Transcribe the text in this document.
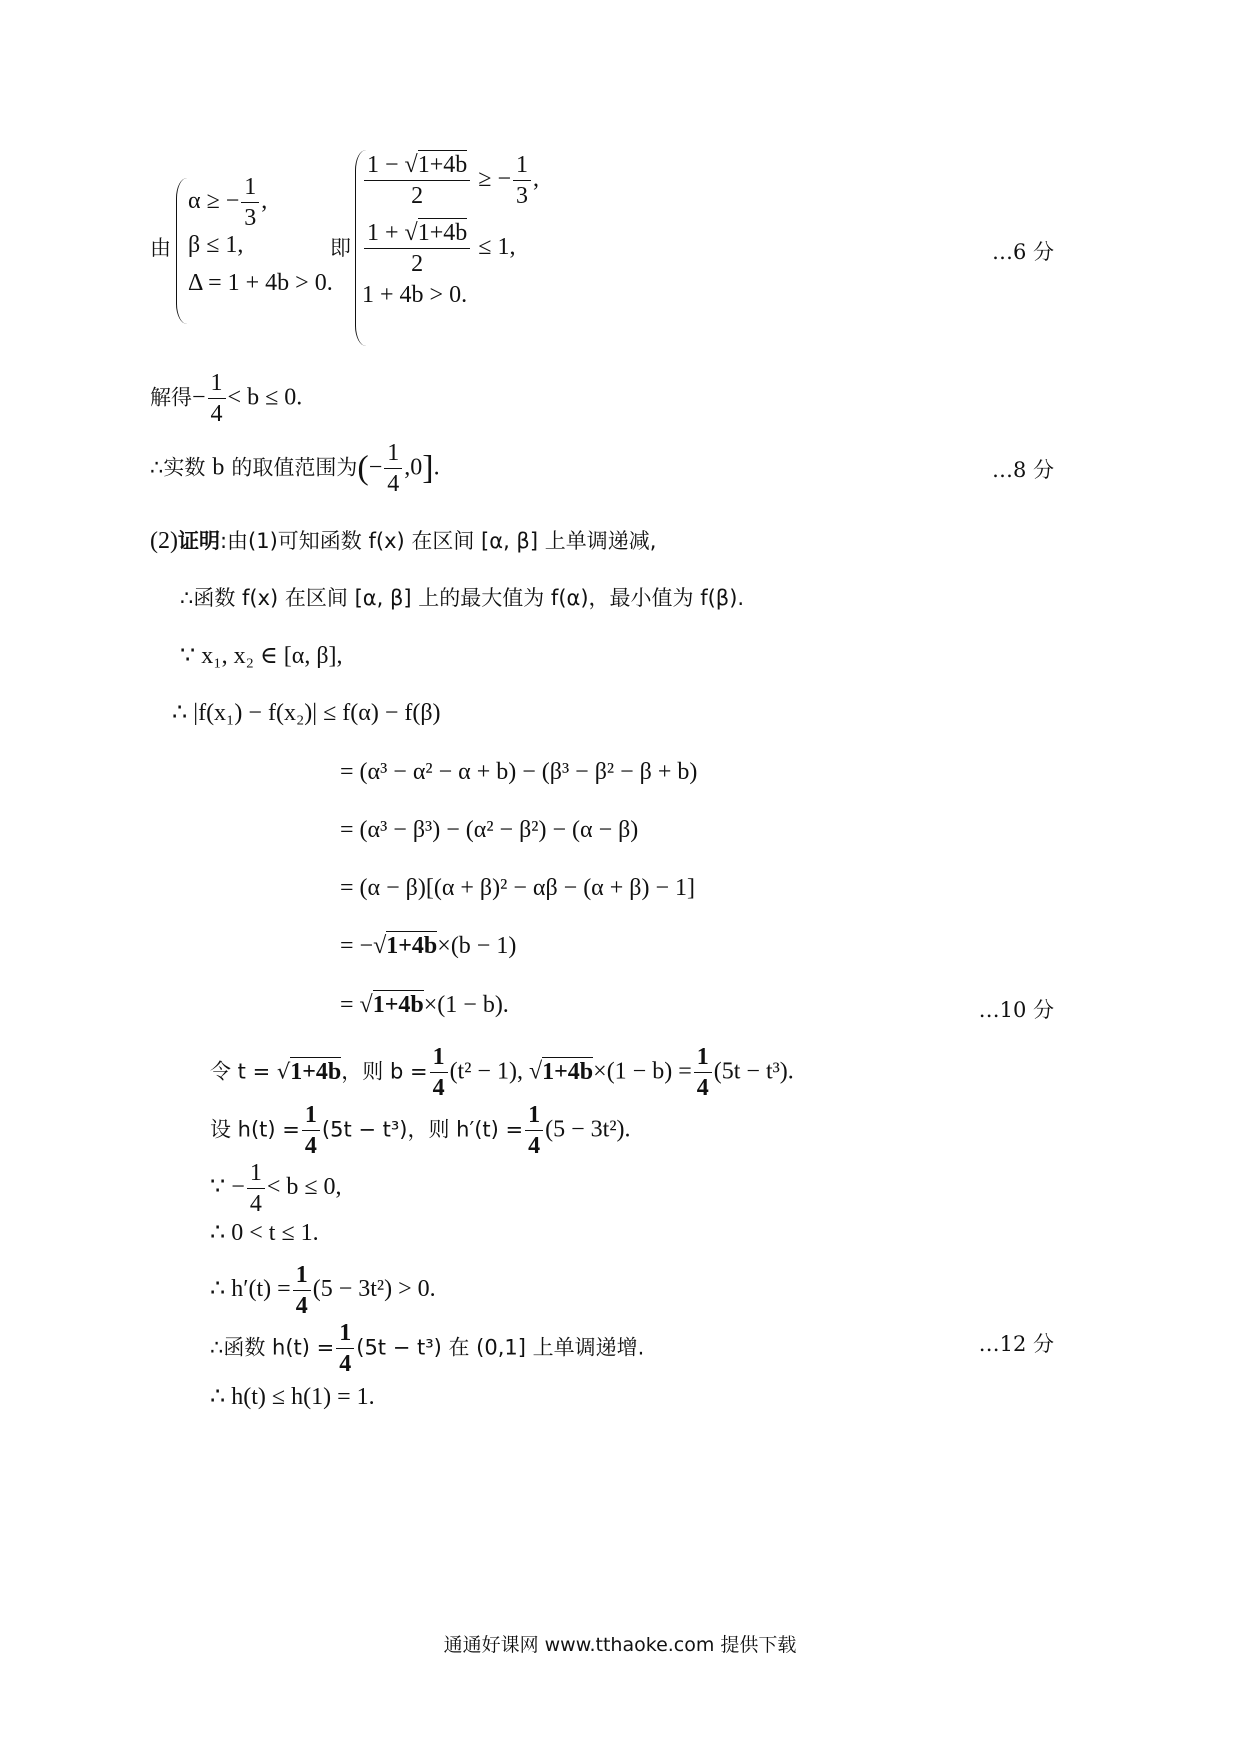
由
α ≥ − $\frac{1}{3}$ ,
β ≤ 1,
Δ = 1 + 4b > 0.
即
$\frac{1 - √1+4b}{2}$ ≥ − $\frac{1}{3}$ ,
$\frac{1 + √1+4b}{2} \le 1$,
1 + 4b > 0.
…6 分
解得− $\frac{1}{4} < b \le 0$.
∴实数 b 的取值范围为(− $\frac{1}{4} ,0$].	…8 分
(2)证明:由(1)可知函数 f(x) 在区间 [α, β] 上单调递减,
∴函数 f(x) 在区间 [α, β] 上的最大值为 f(α)，最小值为 f(β).
∵ x₁, x₂ ∈ [α, β],
∴ |f(x₁) − f(x₂)| ≤ f(α) − f(β)
= (α³ − α² − α + b) − (β³ − β² − β + b)
= (α³ − β³) − (α² − β²) − (α − β)
= (α − β)[(α + β)² − αβ − (α + β) − 1]
= −√1+4b×(b − 1)
= √1+4b×(1 − b).	…10 分
令 t = √1+4b，则 $b = \frac{1}{4} (t^2 - 1)$, $√1+4b\times(1 - b) = \frac{1}{4} (5t - t^3)$.
设 $h(t) = \frac{1}{4} (5t - t^3)$，则 $h'(t) = \frac{1}{4} (5 - 3t^2)$.
∵ − $\frac{1}{4} < b \le 0$,
∴ 0 < t ≤ 1.
∴ $h'(t) = \frac{1}{4} (5 - 3t^2) > 0$.
∴函数 $h(t) = \frac{1}{4} (5t - t^3)$ 在 (0,1] 上单调递增.	…12 分
∴ h(t) ≤ h(1) = 1.
通通好课网 www.tthaoke.com 提供下载
